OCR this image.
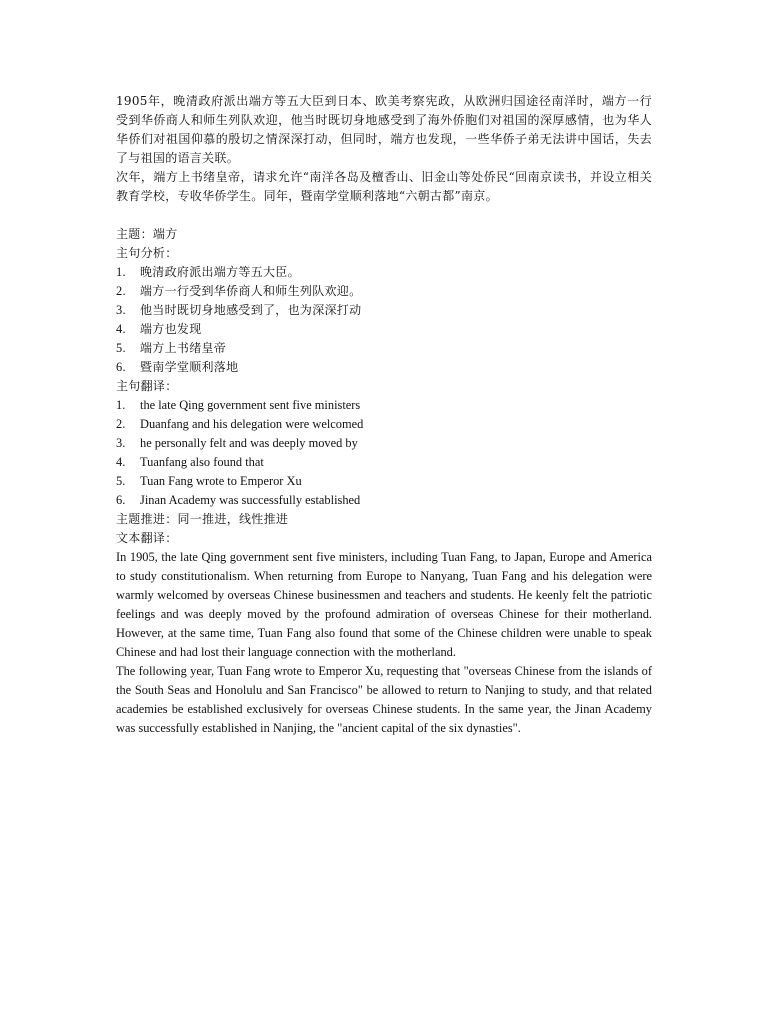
1905年，晚清政府派出端方等五大臣到日本、欧美考察宪政，从欧洲归国途径南洋时，端方一行受到华侨商人和师生列队欢迎，他当时既切身地感受到了海外侨胞们对祖国的深厚感情，也为华人华侨们对祖国仰慕的殷切之情深深打动，但同时，端方也发现，一些华侨子弟无法讲中国话，失去了与祖国的语言关联。

次年，端方上书绪皇帝，请求允许“南洋各岛及檀香山、旧金山等处侨民“回南京读书，并设立相关教育学校，专收华侨学生。同年，暨南学堂顺利落地“六朝古都”南京。

主题：端方

主句分析：

1.	晚清政府派出端方等五大臣。
2.	端方一行受到华侨商人和师生列队欢迎。
3.	他当时既切身地感受到了，也为深深打动
4.	端方也发现
5.	端方上书绪皇帝
6.	暨南学堂顺利落地

主句翻译：

1.	the late Qing government sent five ministers
2.	Duanfang and his delegation were welcomed
3.	he personally felt and was deeply moved by
4.	Tuanfang also found that
5.	Tuan Fang wrote to Emperor Xu
6.	Jinan Academy was successfully established

主题推进：同一推进，线性推进

文本翻译：

In 1905, the late Qing government sent five ministers, including Tuan Fang, to Japan, Europe and America to study constitutionalism. When returning from Europe to Nanyang, Tuan Fang and his delegation were warmly welcomed by overseas Chinese businessmen and teachers and students. He keenly felt the patriotic feelings and was deeply moved by the profound admiration of overseas Chinese for their motherland. However, at the same time, Tuan Fang also found that some of the Chinese children were unable to speak Chinese and had lost their language connection with the motherland.

The following year, Tuan Fang wrote to Emperor Xu, requesting that "overseas Chinese from the islands of the South Seas and Honolulu and San Francisco" be allowed to return to Nanjing to study, and that related academies be established exclusively for overseas Chinese students. In the same year, the Jinan Academy was successfully established in Nanjing, the "ancient capital of the six dynasties".
